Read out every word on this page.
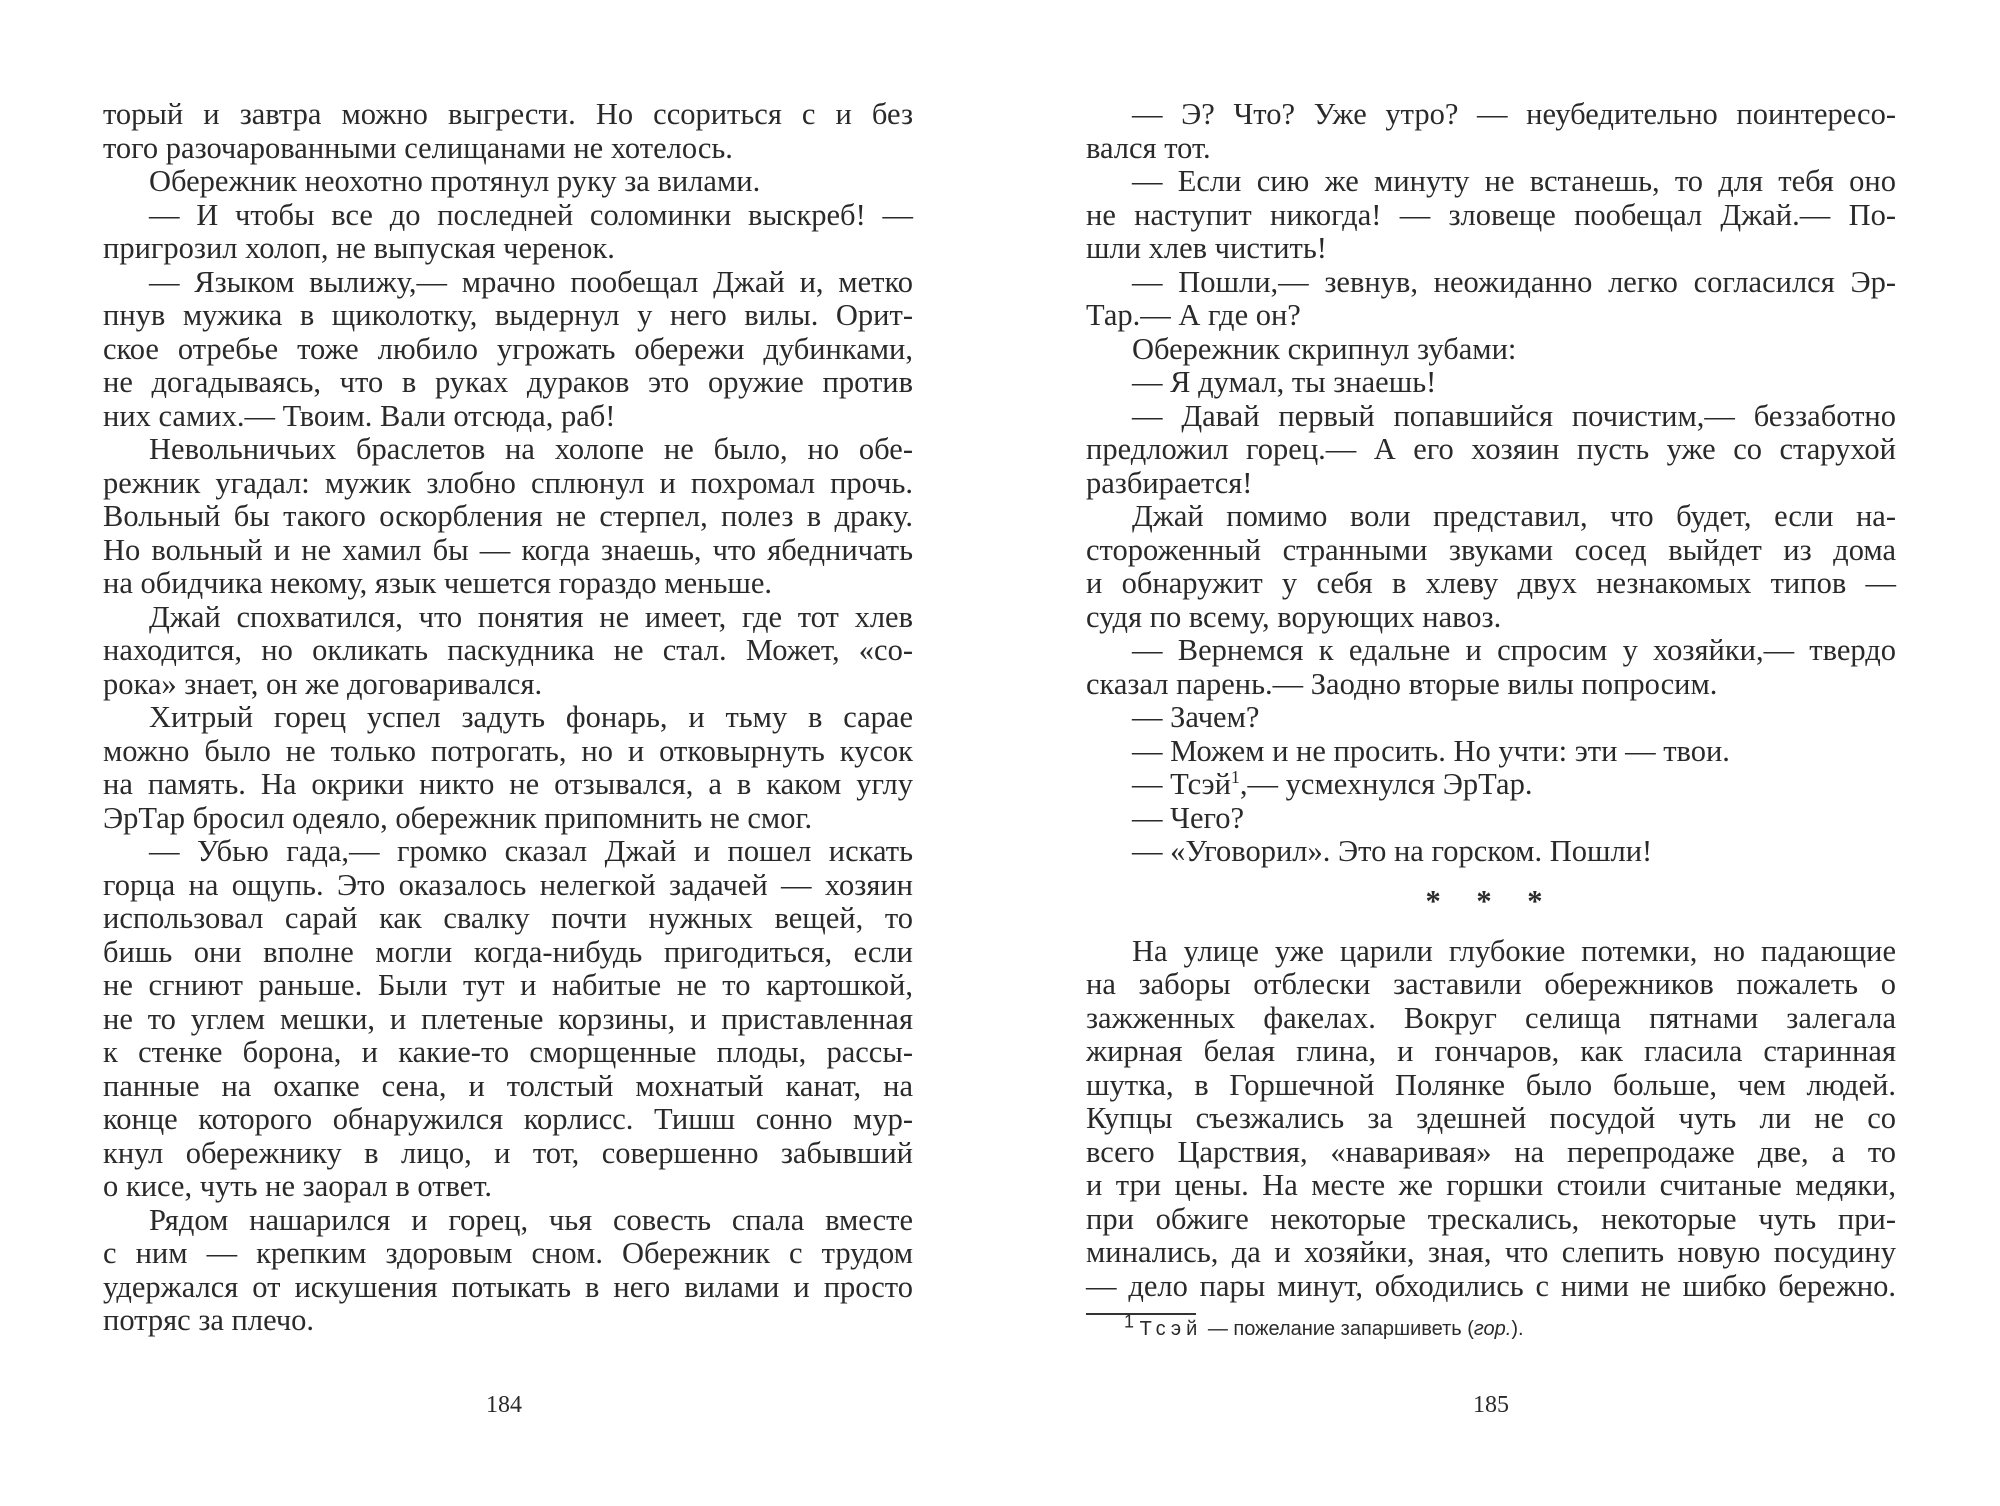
торый и завтра можно выгрести. Но ссориться с и без
того разочарованными селищанами не хотелось.
Обережник неохотно протянул руку за вилами.
— И чтобы все до последней соломинки выскреб! —
пригрозил холоп, не выпуская черенок.
— Языком вылижу,— мрачно пообещал Джай и, метко
пнув мужика в щиколотку, выдернул у него вилы. Орит-
ское отребье тоже любило угрожать обережи дубинками,
не догадываясь, что в руках дураков это оружие против
них самих.— Твоим. Вали отсюда, раб!
Невольничьих браслетов на холопе не было, но обе-
режник угадал: мужик злобно сплюнул и похромал прочь.
Вольный бы такого оскорбления не стерпел, полез в драку.
Но вольный и не хамил бы — когда знаешь, что ябедничать
на обидчика некому, язык чешется гораздо меньше.
Джай спохватился, что понятия не имеет, где тот хлев
находится, но окликать паскудника не стал. Может, «со-
рока» знает, он же договаривался.
Хитрый горец успел задуть фонарь, и тьму в сарае
можно было не только потрогать, но и отковырнуть кусок
на память. На окрики никто не отзывался, а в каком углу
ЭрТар бросил одеяло, обережник припомнить не смог.
— Убью гада,— громко сказал Джай и пошел искать
горца на ощупь. Это оказалось нелегкой задачей — хозяин
использовал сарай как свалку почти нужных вещей, то
бишь они вполне могли когда-нибудь пригодиться, если
не сгниют раньше. Были тут и набитые не то картошкой,
не то углем мешки, и плетеные корзины, и приставленная
к стенке борона, и какие-то сморщенные плоды, рассы-
панные на охапке сена, и толстый мохнатый канат, на
конце которого обнаружился корлисс. Тишш сонно мур-
кнул обережнику в лицо, и тот, совершенно забывший
о кисе, чуть не заорал в ответ.
Рядом нашарился и горец, чья совесть спала вместе
с ним — крепким здоровым сном. Обережник с трудом
удержался от искушения потыкать в него вилами и просто
потряс за плечо.
184
— Э? Что? Уже утро? — неубедительно поинтересо-
вался тот.
— Если сию же минуту не встанешь, то для тебя оно
не наступит никогда! — зловеще пообещал Джай.— По-
шли хлев чистить!
— Пошли,— зевнув, неожиданно легко согласился Эр-
Тар.— А где он?
Обережник скрипнул зубами:
— Я думал, ты знаешь!
— Давай первый попавшийся почистим,— беззаботно
предложил горец.— А его хозяин пусть уже со старухой
разбирается!
Джай помимо воли представил, что будет, если на-
стороженный странными звуками сосед выйдет из дома
и обнаружит у себя в хлеву двух незнакомых типов —
судя по всему, ворующих навоз.
— Вернемся к едальне и спросим у хозяйки,— твердо
сказал парень.— Заодно вторые вилы попросим.
— Зачем?
— Можем и не просить. Но учти: эти — твои.
— Тсэй$^1$,— усмехнулся ЭрТар.
— Чего?
— «Уговорил». Это на горском. Пошли!
* * *
На улице уже царили глубокие потемки, но падающие
на заборы отблески заставили обережников пожалеть о
зажженных факелах. Вокруг селища пятнами залегала
жирная белая глина, и гончаров, как гласила старинная
шутка, в Горшечной Полянке было больше, чем людей.
Купцы съезжались за здешней посудой чуть ли не со
всего Царствия, «наваривая» на перепродаже две, а то
и три цены. На месте же горшки стоили считаные медяки,
при обжиге некоторые трескались, некоторые чуть при-
минались, да и хозяйки, зная, что слепить новую посудину
— дело пары минут, обходились с ними не шибко бережно.
$^1$ Тсэй — пожелание запаршиветь (гор.).
185
